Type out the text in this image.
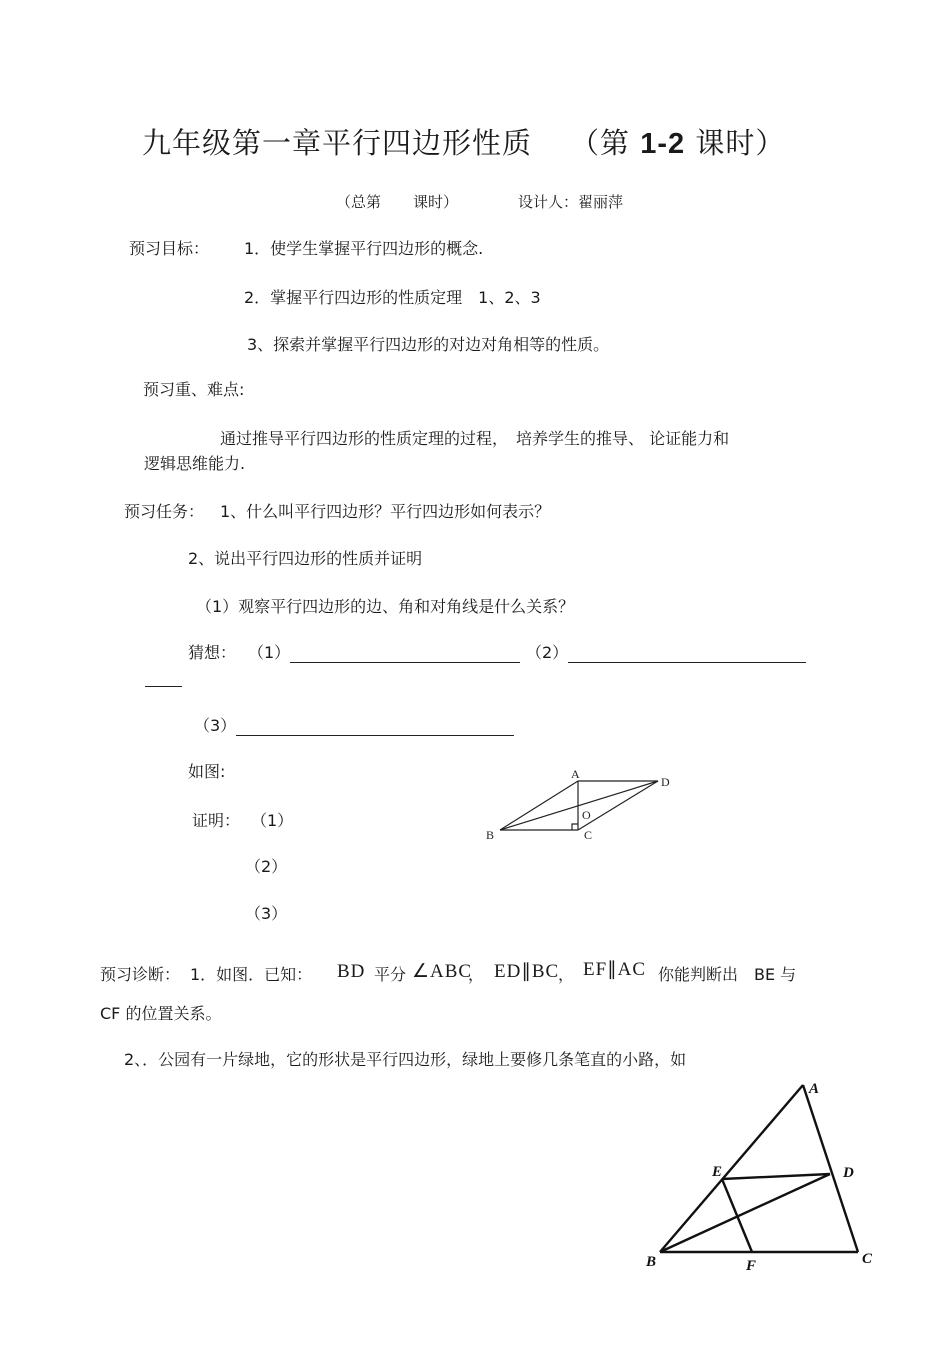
九年级第一章平行四边形性质 （第 1-2 课时）
（总第 课时）	设计人：翟丽萍
预习目标： 1．使学生掌握平行四边形的概念.
2．掌握平行四边形的性质定理　1、2、3
3、探索并掌握平行四边形的对边对角相等的性质。
预习重、难点:
通过推导平行四边形的性质定理的过程，　培养学生的推导、 论证能力和
逻辑思维能力.
预习任务： 1、什么叫平行四边形？平行四边形如何表示？
2、说出平行四边形的性质并证明
（1）观察平行四边形的边、角和对角线是什么关系？
猜想： （1）	（2）
（3）
如图:
证明： （1）
（2）
（3）
A
D
O
B	C
预习诊断： 1．如图．已知： BD 平分 ∠ABC
， ED∥BC
， EF∥AC 你能判断出　BE 与
CF 的位置关系。
2、．公园有一片绿地，它的形状是平行四边形，绿地上要修几条笔直的小路，如
A
E	D
B	F	C
